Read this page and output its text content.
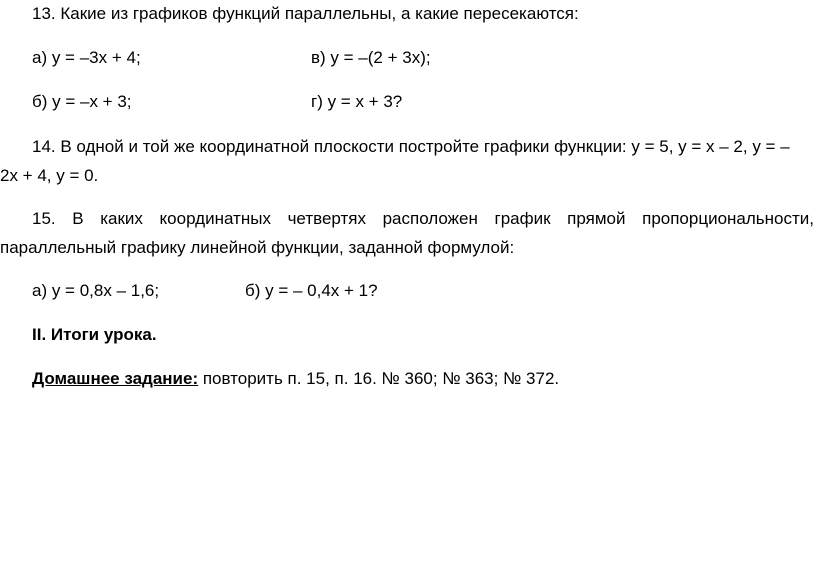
13. Какие из графиков функций параллельны, а какие пересекаются:
а) y = –3x + 4;	в) y = –(2 + 3x);
б) y = –x + 3;	г) y = x + 3?
14. В одной и той же координатной плоскости постройте графики функции: y = 5, y = x – 2, y = –
2x + 4, y = 0.
15. В каких координатных четвертях расположен график прямой пропорциональности,
параллельный графику линейной функции, заданной формулой:
а) y = 0,8x – 1,6;	б) y = – 0,4x + 1?
II. Итоги урока.
Домашнее задание: повторить п. 15, п. 16. № 360; № 363; № 372.
